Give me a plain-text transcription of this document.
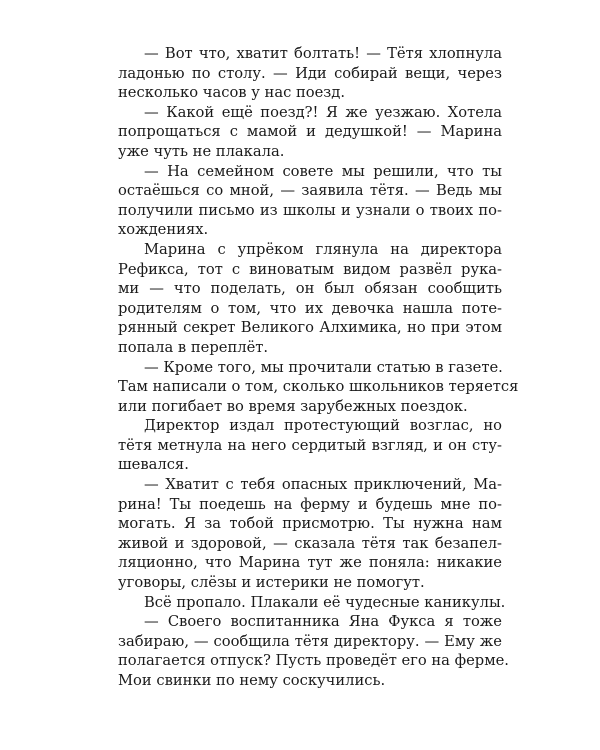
— Вот что, хватит болтать! — Тётя хлопнула
ладонью по столу. — Иди собирай вещи, через
несколько часов у нас поезд.
— Какой ещё поезд?! Я же уезжаю. Хотела
попрощаться с мамой и дедушкой! — Марина
уже чуть не плакала.
— На семейном совете мы решили, что ты
остаёшься со мной, — заявила тётя. — Ведь мы
получили письмо из школы и узнали о твоих по-
хождениях.
Марина с упрёком глянула на директора
Рефикса, тот с виноватым видом развёл рука-
ми — что поделать, он был обязан сообщить
родителям о том, что их девочка нашла поте-
рянный секрет Великого Алхимика, но при этом
попала в переплёт.
— Кроме того, мы прочитали статью в газете.
Там написали о том, сколько школьников теряется
или погибает во время зарубежных поездок.
Директор издал протестующий возглас, но
тётя метнула на него сердитый взгляд, и он сту-
шевался.
— Хватит с тебя опасных приключений, Ма-
рина! Ты поедешь на ферму и будешь мне по-
могать. Я за тобой присмотрю. Ты нужна нам
живой и здоровой, — сказала тётя так безапел-
ляционно, что Марина тут же поняла: никакие
уговоры, слёзы и истерики не помогут.
Всё пропало. Плакали её чудесные каникулы.
— Своего воспитанника Яна Фукса я тоже
забираю, — сообщила тётя директору. — Ему же
полагается отпуск? Пусть проведёт его на ферме.
Мои свинки по нему соскучились.
